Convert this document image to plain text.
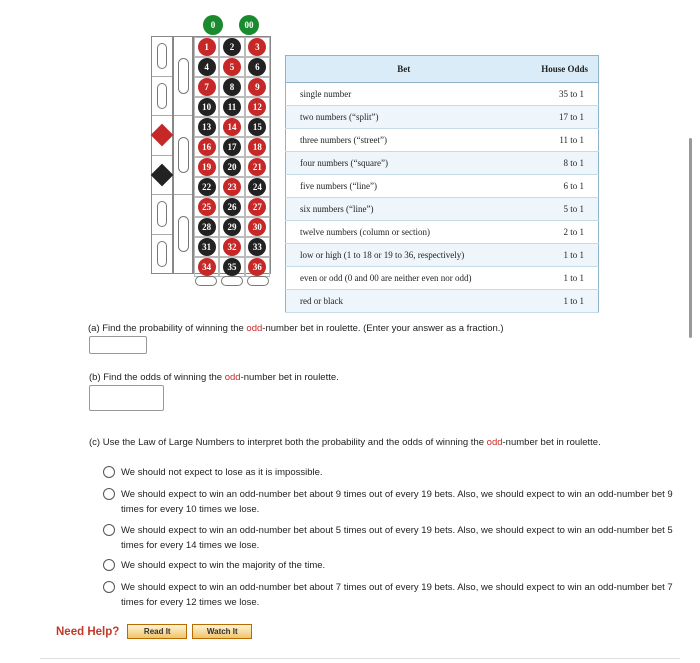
0	00
1	2	3
4	5	6
7	8	9
10	11	12
13	14	15
16	17	18
19	20	21
22	23	24
25	26	27
28	29	30
31	32	33
34	35	36
Bet	House Odds
single number	35 to 1
two numbers (“split”)	17 to 1
three numbers (“street”)	11 to 1
four numbers (“square”)	8 to 1
five numbers (“line”)	6 to 1
six numbers (“line”)	5 to 1
twelve numbers (column or section)	2 to 1
low or high (1 to 18 or 19 to 36, respectively)	1 to 1
even or odd (0 and 00 are neither even nor odd)	1 to 1
red or black	1 to 1
(a) Find the probability of winning the odd-number bet in roulette. (Enter your answer as a fraction.)
(b) Find the odds of winning the odd-number bet in roulette.
(c) Use the Law of Large Numbers to interpret both the probability and the odds of winning the odd-number bet in roulette.
We should not expect to lose as it is impossible.
We should expect to win an odd-number bet about 9 times out of every 19 bets. Also, we should expect to win an odd-number bet 9 times for every 10 times we lose.
We should expect to win an odd-number bet about 5 times out of every 19 bets. Also, we should expect to win an odd-number bet 5 times for every 14 times we lose.
We should expect to win the majority of the time.
We should expect to win an odd-number bet about 7 times out of every 19 bets. Also, we should expect to win an odd-number bet 7 times for every 12 times we lose.
Need Help?	Read It	Watch It
